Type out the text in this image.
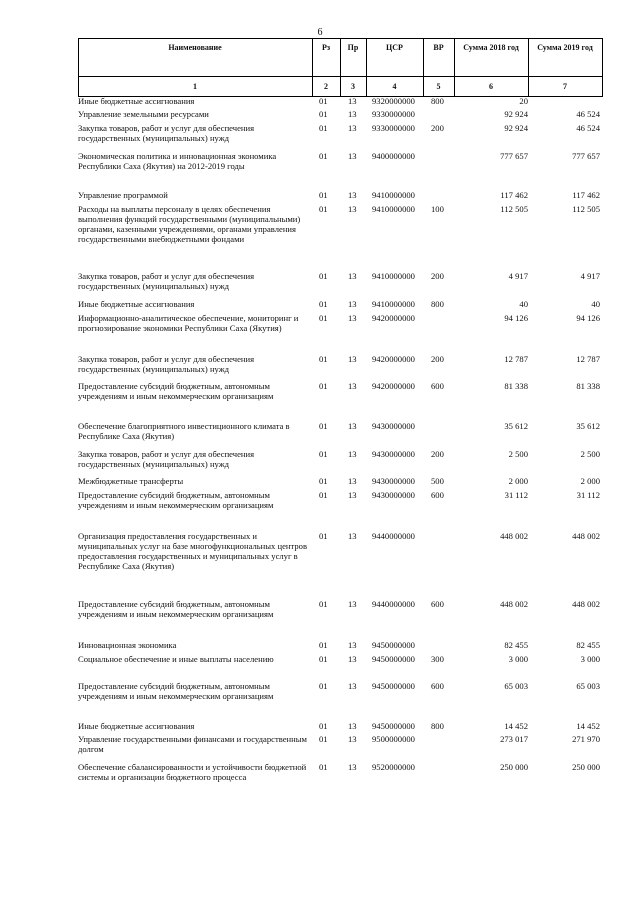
6
Наименование	Рз	Пр	ЦСР	ВР	Сумма 2018 год	Сумма 2019 год
1	2	3	4	5	6	7
Иные бюджетные ассигнования	01 13 9320000000 800	20
Управление земельными ресурсами	01 13 9330000000	92 924	46 524
Закупка товаров, работ и услуг для обеспечения государственных (муниципальных) нужд
01 13 9330000000 200	92 924	46 524
Экономическая политика и инновационная экономика Республики Саха (Якутия) на 2012-2019 годы
01 13 9400000000	777 657	777 657
Управление программой	01 13 9410000000	117 462	117 462
Расходы на выплаты персоналу в целях обеспечения выполнения функций государственными (муниципальными) органами, казенными учреждениями, органами управления государственными внебюджетными фондами
01 13 9410000000 100	112 505	112 505
Закупка товаров, работ и услуг для обеспечения государственных (муниципальных) нужд
01 13 9410000000 200	4 917	4 917
Иные бюджетные ассигнования	01 13 9410000000 800	40	40
Информационно-аналитическое обеспечение, мониторинг и прогнозирование экономики Республики Саха (Якутия)
01 13 9420000000	94 126	94 126
Закупка товаров, работ и услуг для обеспечения государственных (муниципальных) нужд
01 13 9420000000 200	12 787	12 787
Предоставление субсидий бюджетным, автономным учреждениям и иным некоммерческим организациям
01 13 9420000000 600	81 338	81 338
Обеспечение благоприятного инвестиционного климата в Республике Саха (Якутия)
01 13 9430000000	35 612	35 612
Закупка товаров, работ и услуг для обеспечения государственных (муниципальных) нужд
01 13 9430000000 200	2 500	2 500
Межбюджетные трансферты	01 13 9430000000 500	2 000	2 000
Предоставление субсидий бюджетным, автономным учреждениям и иным некоммерческим организациям
01 13 9430000000 600	31 112	31 112
Организация предоставления государственных и муниципальных услуг на базе многофункциональных центров предоставления государственных и муниципальных услуг в Республике Саха (Якутия)
01 13 9440000000	448 002	448 002
Предоставление субсидий бюджетным, автономным учреждениям и иным некоммерческим организациям
01 13 9440000000 600	448 002	448 002
Инновационная экономика	01 13 9450000000	82 455	82 455
Социальное обеспечение и иные выплаты населению	01 13 9450000000 300	3 000	3 000
Предоставление субсидий бюджетным, автономным учреждениям и иным некоммерческим организациям
01 13 9450000000 600	65 003	65 003
Иные бюджетные ассигнования	01 13 9450000000 800	14 452	14 452
Управление государственными финансами и государственным долгом
01 13 9500000000	273 017	271 970
Обеспечение сбалансированности и устойчивости бюджетной системы и организации бюджетного процесса
01 13 9520000000	250 000	250 000
